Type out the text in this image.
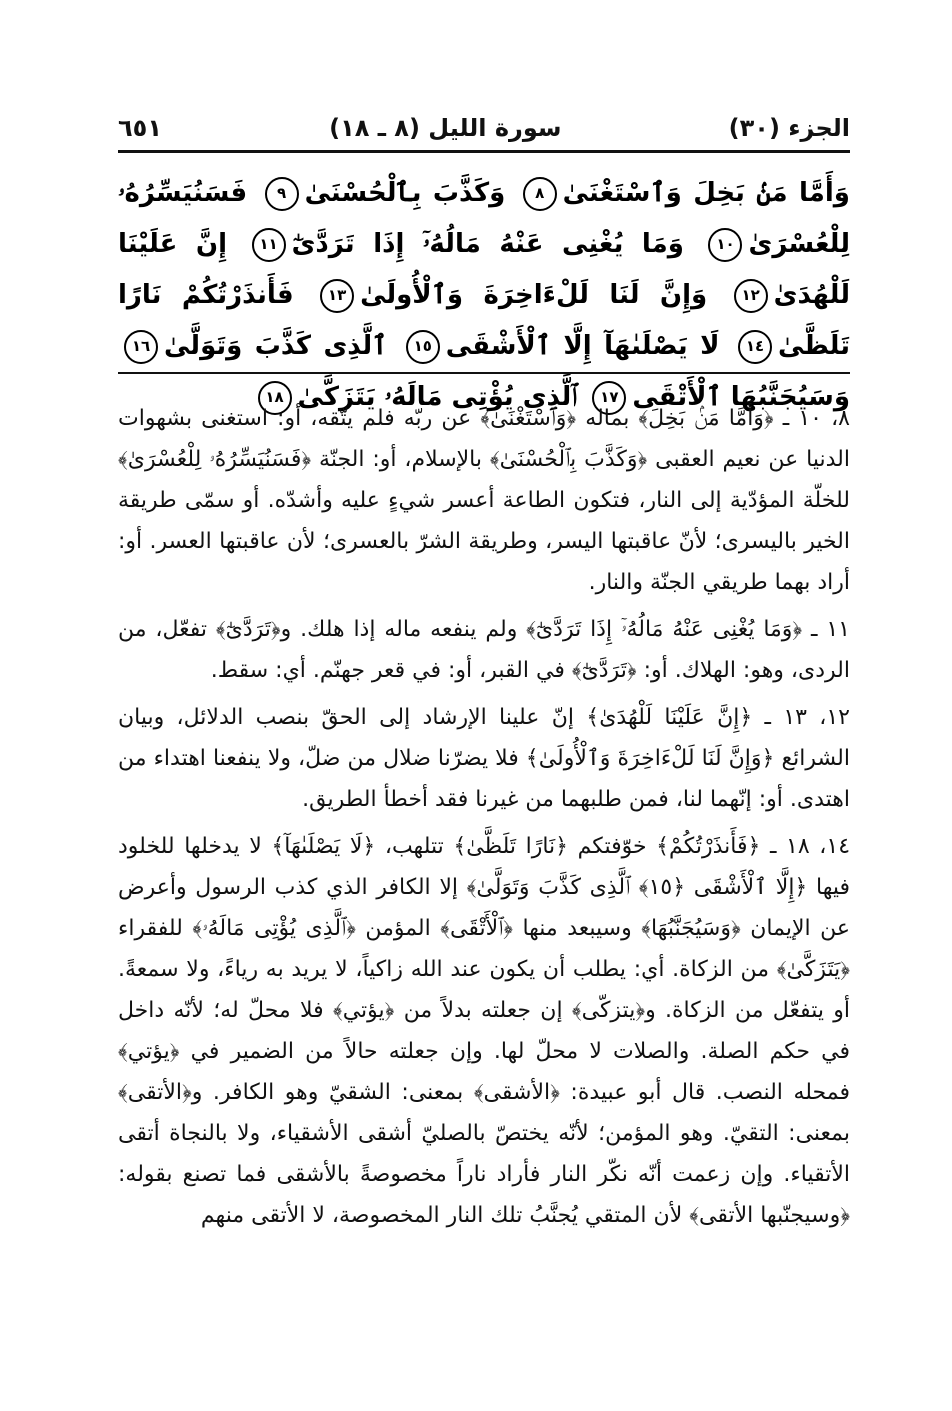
الجزء (٣٠)
سورة الليل (٨ ـ ١٨)
٦٥١
وَأَمَّا مَنۢ بَخِلَ وَٱسْتَغْنَىٰ٨ وَكَذَّبَ بِٱلْحُسْنَىٰ٩ فَسَنُيَسِّرُهُۥ لِلْعُسْرَىٰ١٠ وَمَا يُغْنِى عَنْهُ مَالُهُۥٓ إِذَا تَرَدَّىٰٓ١١ إِنَّ عَلَيْنَا لَلْهُدَىٰ١٢ وَإِنَّ لَنَا لَلْءَاخِرَةَ وَٱلْأُولَىٰ١٣ فَأَنذَرْتُكُمْ نَارًا تَلَظَّىٰ١٤ لَا يَصْلَىٰهَآ إِلَّا ٱلْأَشْقَى١٥ ٱلَّذِى كَذَّبَ وَتَوَلَّىٰ١٦ وَسَيُجَنَّبُهَا ٱلْأَتْقَى١٧ ٱلَّذِى يُؤْتِى مَالَهُۥ يَتَزَكَّىٰ١٨

٨، ١٠ ـ ﴿وَأَمَّا مَنۢ بَخِلَ﴾ بماله ﴿وَٱسْتَغْنَىٰ﴾ عن ربّه فلم يتّقه، أو: استغنى بشهوات الدنيا عن نعيم العقبى ﴿وَكَذَّبَ بِٱلْحُسْنَىٰ﴾ بالإسلام، أو: الجنّة ﴿فَسَنُيَسِّرُهُۥ لِلْعُسْرَىٰ﴾ للخلّة المؤدّية إلى النار، فتكون الطاعة أعسر شيءٍ عليه وأشدّه. أو سمّى طريقة الخير باليسرى؛ لأنّ عاقبتها اليسر، وطريقة الشرّ بالعسرى؛ لأن عاقبتها العسر. أو: أراد بهما طريقي الجنّة والنار.

١١ ـ ﴿وَمَا يُغْنِى عَنْهُ مَالُهُۥٓ إِذَا تَرَدَّىٰٓ﴾ ولم ينفعه ماله إذا هلك. و﴿تَرَدَّىٰٓ﴾ تفعّل، من الردى، وهو: الهلاك. أو: ﴿تَرَدَّىٰٓ﴾ في القبر، أو: في قعر جهنّم. أي: سقط.

١٢، ١٣ ـ ﴿إِنَّ عَلَيْنَا لَلْهُدَىٰ﴾ إنّ علينا الإرشاد إلى الحقّ بنصب الدلائل، وبيان الشرائع ﴿وَإِنَّ لَنَا لَلْءَاخِرَةَ وَٱلْأُولَىٰ﴾ فلا يضرّنا ضلال من ضلّ، ولا ينفعنا اهتداء من اهتدى. أو: إنّهما لنا، فمن طلبهما من غيرنا فقد أخطأ الطريق.

١٤، ١٨ ـ ﴿فَأَنذَرْتُكُمْ﴾ خوّفتكم ﴿نَارًا تَلَظَّىٰ﴾ تتلهب، ﴿لَا يَصْلَىٰهَآ﴾ لا يدخلها للخلود فيها ﴿إِلَّا ٱلْأَشْقَى ﴿١٥﴾ ٱلَّذِى كَذَّبَ وَتَوَلَّىٰ﴾ إلا الكافر الذي كذب الرسول وأعرض عن الإيمان ﴿وَسَيُجَنَّبُهَا﴾ وسيبعد منها ﴿ٱلْأَتْقَى﴾ المؤمن ﴿ٱلَّذِى يُؤْتِى مَالَهُۥ﴾ للفقراء ﴿يَتَزَكَّىٰ﴾ من الزكاة. أي: يطلب أن يكون عند الله زاكياً، لا يريد به رياءً، ولا سمعةً. أو يتفعّل من الزكاة. و﴿يتزكّى﴾ إن جعلته بدلاً من ﴿يؤتي﴾ فلا محلّ له؛ لأنّه داخل في حكم الصلة. والصلات لا محلّ لها. وإن جعلته حالاً من الضمير في ﴿يؤتي﴾ فمحله النصب. قال أبو عبيدة: ﴿الأشقى﴾ بمعنى: الشقيّ وهو الكافر. و﴿الأتقى﴾ بمعنى: التقيّ. وهو المؤمن؛ لأنّه يختصّ بالصليّ أشقى الأشقياء، ولا بالنجاة أتقى الأتقياء. وإن زعمت أنّه نكّر النار فأراد ناراً مخصوصةً بالأشقى فما تصنع بقوله: ﴿وسيجنّبها الأتقى﴾ لأن المتقي يُجنَّبُ تلك النار المخصوصة، لا الأتقى منهم
